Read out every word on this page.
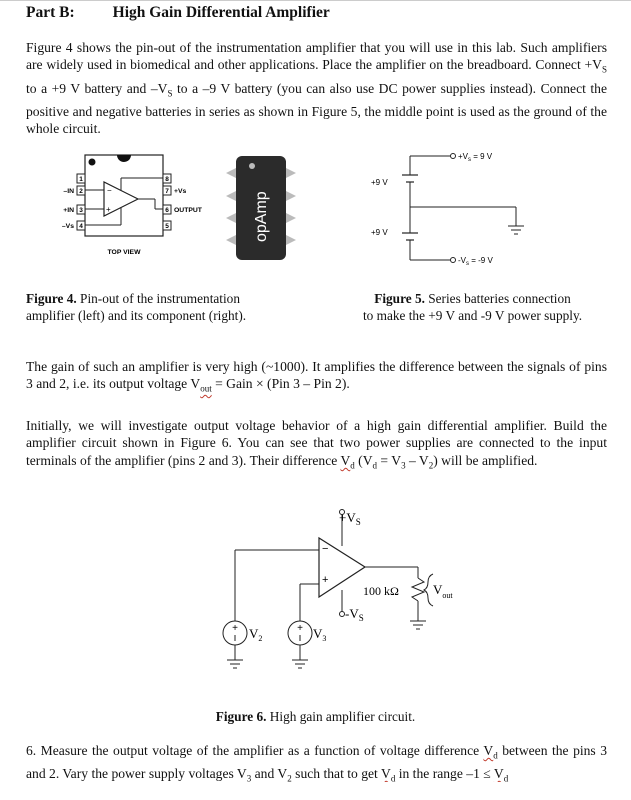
Part B: High Gain Differential Amplifier
Figure 4 shows the pin-out of the instrumentation amplifier that you will use in this lab. Such amplifiers are widely used in biomedical and other applications. Place the amplifier on the breadboard. Connect $+V_S$ to a +9 V battery and $-V_S$ to a –9 V battery (you can also use DC power supplies instead). Connect the positive and negative batteries in series as shown in Figure 5, the middle point is used as the ground of the whole circuit.
1
2
3
4
8
7
6
5
−
+
–IN
+IN
–Vs
+Vs
OUTPUT
TOP VIEW
opAmp
+9 V
+9 V
$+V_s = 9$ V
$-V_s = -9$ V
Figure 4. Pin-out of the instrumentation
amplifier (left) and its component (right).
Figure 5. Series batteries connection
to make the +9 V and -9 V power supply.
The gain of such an amplifier is very high (~1000). It amplifies the difference between the signals of pins 3 and 2, i.e. its output voltage $V_{out}$ = Gain × (Pin 3 – Pin 2).
Initially, we will investigate output voltage behavior of a high gain differential amplifier. Build the amplifier circuit shown in Figure 6. You can see that two power supplies are connected to the input terminals of the amplifier (pins 2 and 3). Their difference $V_d$ $(V_d = V_3 - V_2)$ will be amplified.
−
+
+	+
$+V_S$
$-V_S$
100 kΩ	$V_{out}$
$V_2$	$V_3$
Figure 6. High gain amplifier circuit.
6. Measure the output voltage of the amplifier as a function of voltage difference $V_d$ between the pins 3 and 2. Vary the power supply voltages $V_3$ and $V_2$ such that to get $V_d$ in the range $-1 \le V_d$
